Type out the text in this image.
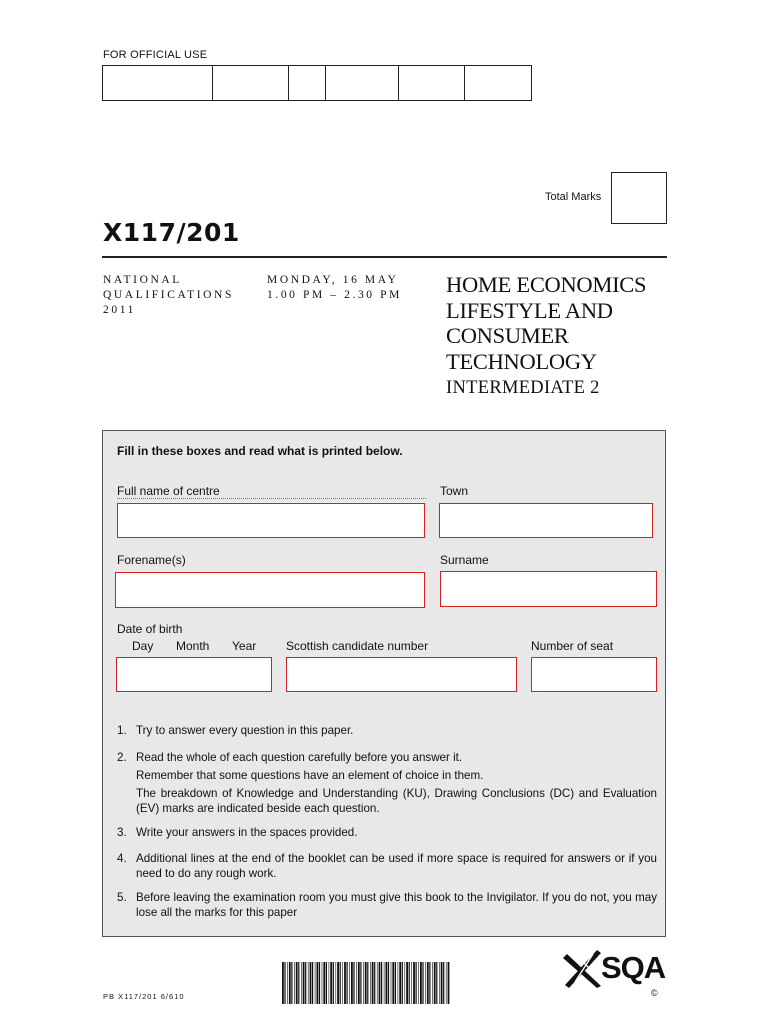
FOR OFFICIAL USE
Total Marks
X117/201
NATIONAL
QUALIFICATIONS
2011
MONDAY, 16 MAY
1.00 PM – 2.30 PM HOME ECONOMICS
LIFESTYLE AND
CONSUMER
TECHNOLOGY
INTERMEDIATE 2
Fill in these boxes and read what is printed below.
Full name of centre	Town
Forename(s)	Surname
Date of birth
Day Month Year Scottish candidate number	Number of seat
1. Try to answer every question in this paper.
2. Read the whole of each question carefully before you answer it.
Remember that some questions have an element of choice in them.
The breakdown of Knowledge and Understanding (KU), Drawing Conclusions (DC) and Evaluation (EV) marks are indicated beside each question.
3. Write your answers in the spaces provided.
4. Additional lines at the end of the booklet can be used if more space is required for answers or if you need to do any rough work.
5. Before leaving the examination room you must give this book to the Invigilator. If you do not, you may lose all the marks for this paper
PB X117/201 6/610
SQA
©
